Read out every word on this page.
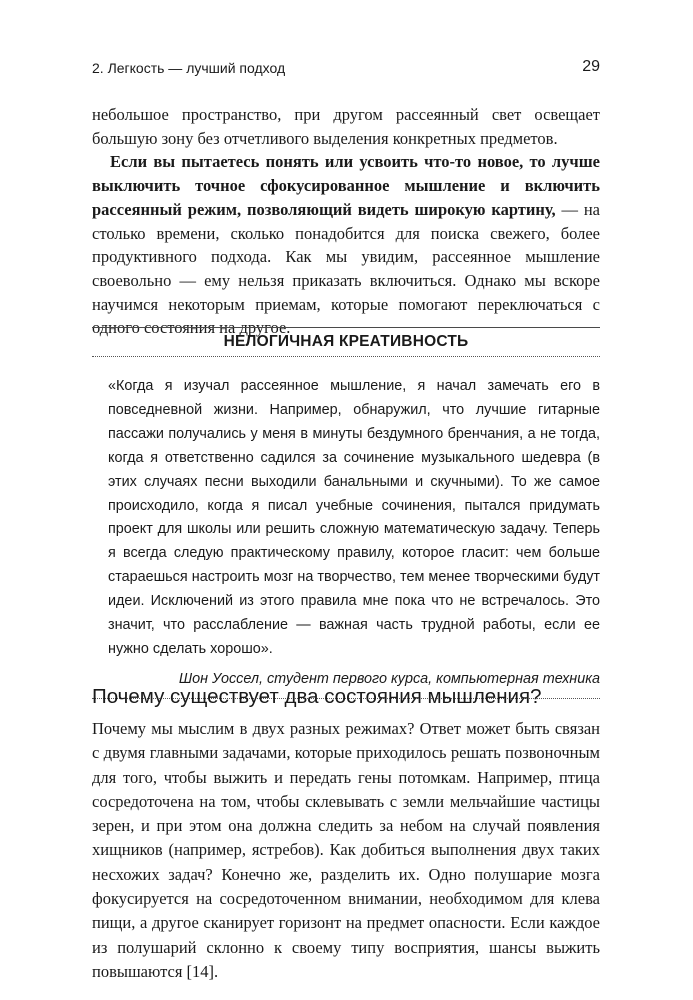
2. Легкость — лучший подход	29

небольшое пространство, при другом рассеянный свет освещает большую зону без отчетливого выделения конкретных предметов.

Если вы пытаетесь понять или усвоить что-то новое, то лучше выключить точное сфокусированное мышление и включить рассеянный режим, позволяющий видеть широкую картину, — на столько времени, сколько понадобится для поиска свежего, более продуктивного подхода. Как мы увидим, рассеянное мышление своевольно — ему нельзя приказать включиться. Однако мы вскоре научимся некоторым приемам, которые помогают переключаться с одного состояния на другое.

НЕЛОГИЧНАЯ КРЕАТИВНОСТЬ

«Когда я изучал рассеянное мышление, я начал замечать его в повседневной жизни. Например, обнаружил, что лучшие гитарные пассажи получались у меня в минуты бездумного бренчания, а не тогда, когда я ответственно садился за сочинение музыкального шедевра (в этих случаях песни выходили банальными и скучными). То же самое происходило, когда я писал учебные сочинения, пытался придумать проект для школы или решить сложную математическую задачу. Теперь я всегда следую практическому правилу, которое гласит: чем больше стараешься настроить мозг на творчество, тем менее творческими будут идеи. Исключений из этого правила мне пока что не встречалось. Это значит, что расслабление — важная часть трудной работы, если ее нужно сделать хорошо».

Шон Уоссел, студент первого курса, компьютерная техника
Почему существует два состояния мышления?

Почему мы мыслим в двух разных режимах? Ответ может быть связан с двумя главными задачами, которые приходилось решать позвоночным для того, чтобы выжить и передать гены потомкам. Например, птица сосредоточена на том, чтобы склевывать с земли мельчайшие частицы зерен, и при этом она должна следить за небом на случай появления хищников (например, ястребов). Как добиться выполнения двух таких несхожих задач? Конечно же, разделить их. Одно полушарие мозга фокусируется на сосредоточенном внимании, необходимом для клева пищи, а другое сканирует горизонт на предмет опасности. Если каждое из полушарий склонно к своему типу восприятия, шансы выжить повышаются [14].
